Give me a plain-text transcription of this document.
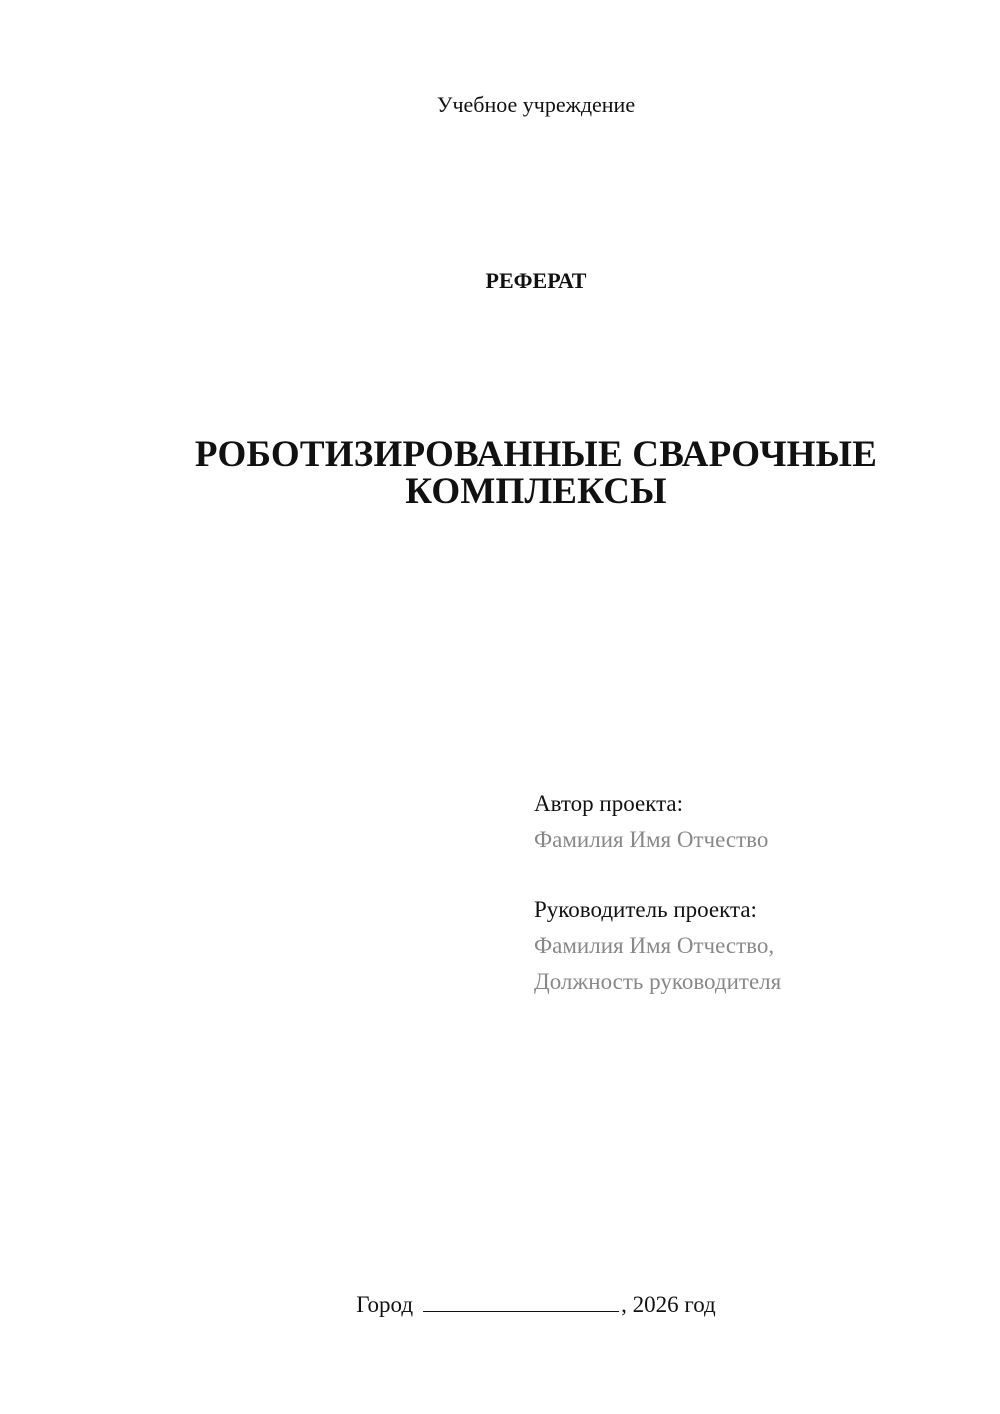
Учебное учреждение
РЕФЕРАТ
РОБОТИЗИРОВАННЫЕ СВАРОЧНЫЕ
КОМПЛЕКСЫ
Автор проекта:
Фамилия Имя Отчество
Руководитель проекта:
Фамилия Имя Отчество,
Должность руководителя
Город	, 2026 год
